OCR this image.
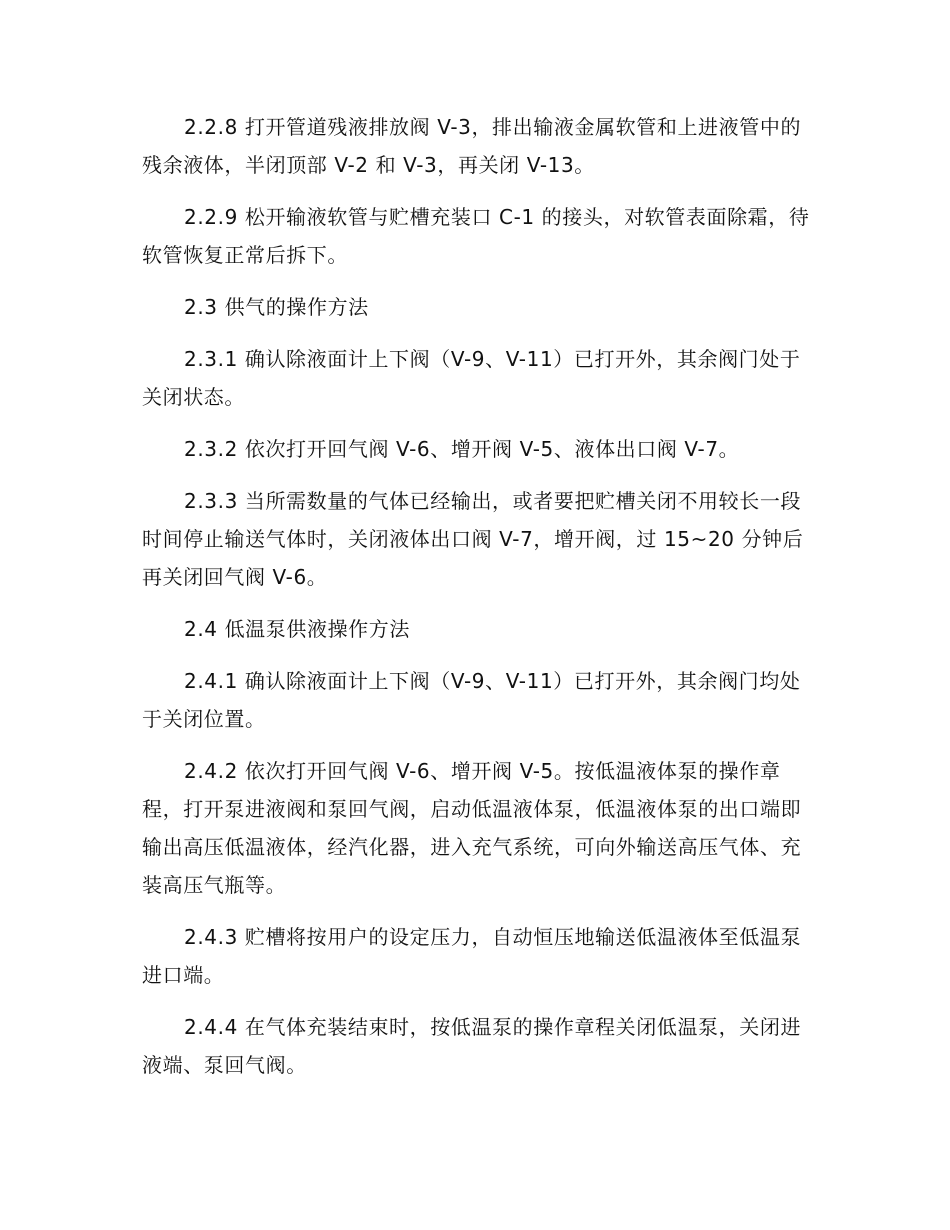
2.2.8 打开管道残液排放阀 V-3，排出输液金属软管和上进液管中的残余液体，半闭顶部 V-2 和 V-3，再关闭 V-13。

2.2.9 松开输液软管与贮槽充装口 C-1 的接头，对软管表面除霜，待软管恢复正常后拆下。

2.3 供气的操作方法

2.3.1 确认除液面计上下阀（V-9、V-11）已打开外，其余阀门处于关闭状态。

2.3.2 依次打开回气阀 V-6、增开阀 V-5、液体出口阀 V-7。

2.3.3 当所需数量的气体已经输出，或者要把贮槽关闭不用较长一段时间停止输送气体时，关闭液体出口阀 V-7，增开阀，过 15~20 分钟后再关闭回气阀 V-6。

2.4 低温泵供液操作方法

2.4.1 确认除液面计上下阀（V-9、V-11）已打开外，其余阀门均处于关闭位置。

2.4.2 依次打开回气阀 V-6、增开阀 V-5。按低温液体泵的操作章程，打开泵进液阀和泵回气阀，启动低温液体泵，低温液体泵的出口端即输出高压低温液体，经汽化器，进入充气系统，可向外输送高压气体、充装高压气瓶等。

2.4.3 贮槽将按用户的设定压力，自动恒压地输送低温液体至低温泵进口端。

2.4.4 在气体充装结束时，按低温泵的操作章程关闭低温泵，关闭进液端、泵回气阀。
